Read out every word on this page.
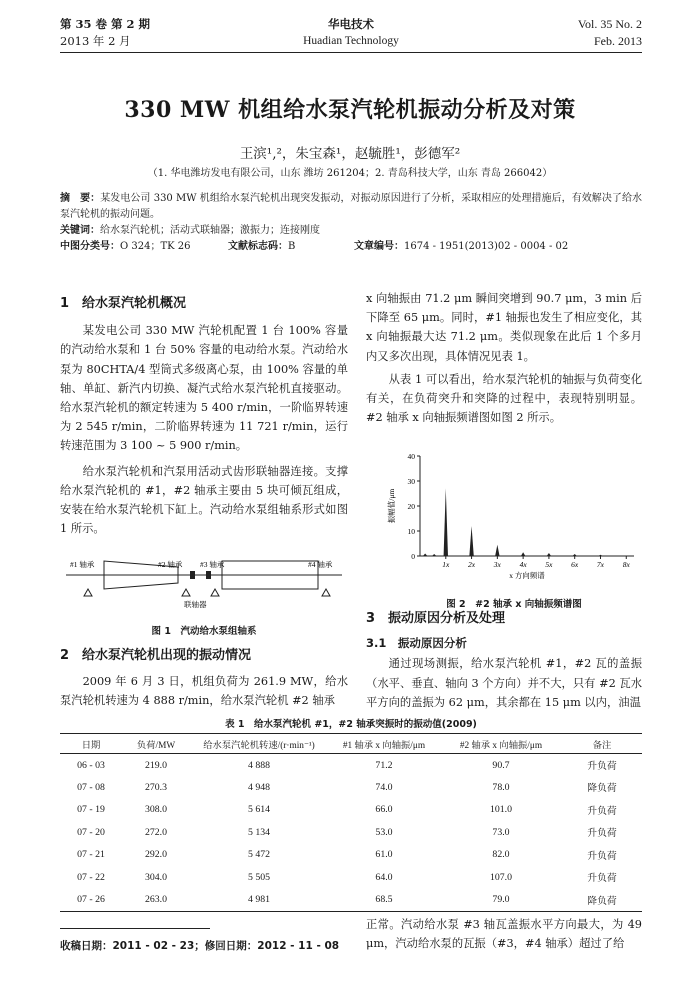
第 35 卷 第 2 期
2013 年 2 月
华电技术
Huadian Technology
Vol. 35 No. 2
Feb. 2013
330 MW 机组给水泵汽轮机振动分析及对策
王滨¹,²，朱宝森¹，赵毓胜¹，彭德军²
（1. 华电潍坊发电有限公司，山东 潍坊 261204；2. 青岛科技大学，山东 青岛 266042）
摘　要：某发电公司 330 MW 机组给水泵汽轮机出现突发振动，对振动原因进行了分析，采取相应的处理措施后，有效解决了给水泵汽轮机的振动问题。
关键词：给水泵汽轮机；活动式联轴器；激振力；连接刚度
中图分类号：O 324；TK 26	文献标志码：B	文章编号：1674 - 1951(2013)02 - 0004 - 02
1　给水泵汽轮机概况
某发电公司 330 MW 汽轮机配置 1 台 100% 容量的汽动给水泵和 1 台 50% 容量的电动给水泵。汽动给水泵为 80CHTA/4 型筒式多级离心泵，由 100% 容量的单轴、单缸、新汽内切换、凝汽式给水泵汽轮机直接驱动。给水泵汽轮机的额定转速为 5 400 r/min，一阶临界转速为 2 545 r/min，二阶临界转速为 11 721 r/min，运行转速范围为 3 100 ~ 5 900 r/min。
给水泵汽轮机和汽泵用活动式齿形联轴器连接。支撑给水泵汽轮机的 #1，#2 轴承主要由 5 块可倾瓦组成，安装在给水泵汽轮机下缸上。汽动给水泵组轴系形式如图 1 所示。
#1 轴承	#2 轴承 #3 轴承	#4 轴承
联轴器
图 1　汽动给水泵组轴系
2　给水泵汽轮机出现的振动情况
2009 年 6 月 3 日，机组负荷为 261.9 MW，给水泵汽轮机转速为 4 888 r/min，给水泵汽轮机 #2 轴承
x 向轴振由 71.2 μm 瞬间突增到 90.7 μm，3 min 后下降至 65 μm。同时，#1 轴振也发生了相应变化，其 x 向轴振最大达 71.2 μm。类似现象在此后 1 个多月内又多次出现，具体情况见表 1。
从表 1 可以看出，给水泵汽轮机的轴振与负荷变化有关，在负荷突升和突降的过程中，表现特别明显。#2 轴承 x 向轴振频谱图如图 2 所示。
0
10
20
30
40
1x 2x 3x 4x 5x 6x 7x 8x
x 方向频谱
振幅值/μm
图 2　#2 轴承 x 向轴振频谱图
3　振动原因分析及处理
3.1　振动原因分析
通过现场测振，给水泵汽轮机 #1，#2 瓦的盖振（水平、垂直、轴向 3 个方向）并不大，只有 #2 瓦水平方向的盖振为 62 μm，其余都在 15 μm 以内，油温
表 1　给水泵汽轮机 #1，#2 轴承突振时的振动值(2009)
日期	负荷/MW	给水泵汽轮机转速/(r·min⁻¹)	#1 轴承 x 向轴振/μm	#2 轴承 x 向轴振/μm	备注
06 - 03	219.0	4 888	71.2	90.7	升负荷
07 - 08	270.3	4 948	74.0	78.0	降负荷
07 - 19	308.0	5 614	66.0	101.0	升负荷
07 - 20	272.0	5 134	53.0	73.0	升负荷
07 - 21	292.0	5 472	61.0	82.0	升负荷
07 - 22	304.0	5 505	64.0	107.0	升负荷
07 - 26	263.0	4 981	68.5	79.0	降负荷
收稿日期：2011 - 02 - 23；修回日期：2012 - 11 - 08
正常。汽动给水泵 #3 轴瓦盖振水平方向最大，为 49 μm，汽动给水泵的瓦振（#3，#4 轴承）超过了给
